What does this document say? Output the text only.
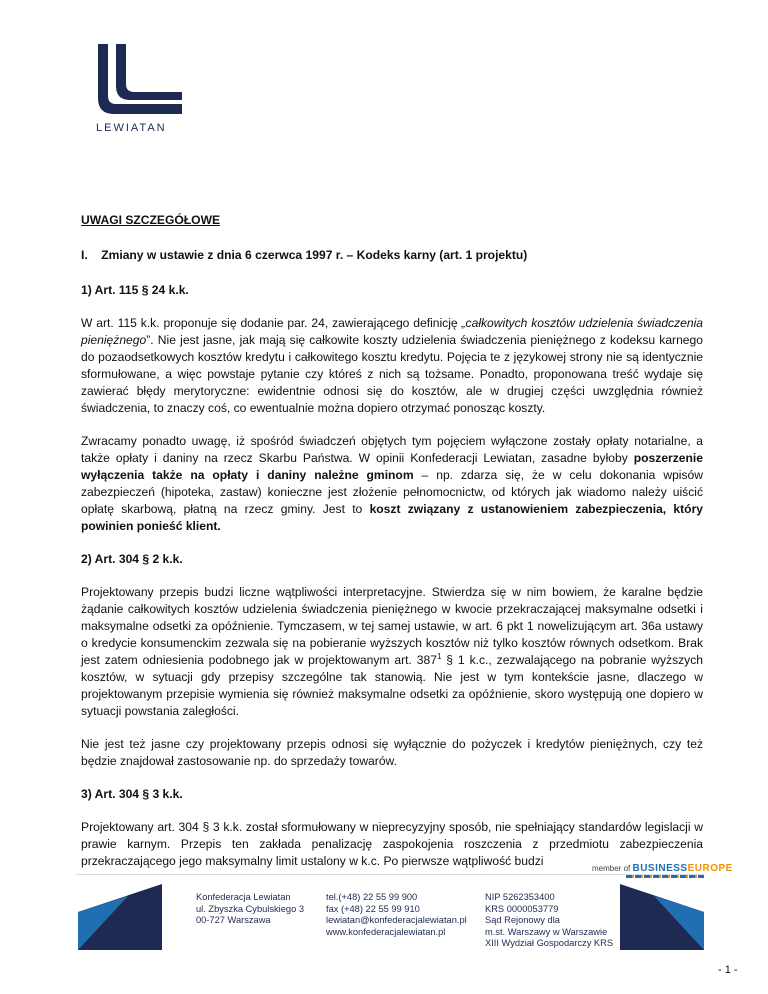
LEWIATAN

UWAGI SZCZEGÓŁOWE

I. Zmiany w ustawie z dnia 6 czerwca 1997 r. – Kodeks karny (art. 1 projektu)

1) Art. 115 § 24 k.k.

W art. 115 k.k. proponuje się dodanie par. 24, zawierającego definicję „całkowitych kosztów udzielenia świadczenia pieniężnego”. Nie jest jasne, jak mają się całkowite koszty udzielenia świadczenia pieniężnego z kodeksu karnego do pozaodsetkowych kosztów kredytu i całkowitego kosztu kredytu. Pojęcia te z językowej strony nie są identycznie sformułowane, a więc powstaje pytanie czy któreś z nich są tożsame. Ponadto, proponowana treść wydaje się zawierać błędy merytoryczne: ewidentnie odnosi się do kosztów, ale w drugiej części uwzględnia również świadczenia, to znaczy coś, co ewentualnie można dopiero otrzymać ponosząc koszty.

Zwracamy ponadto uwagę, iż spośród świadczeń objętych tym pojęciem wyłączone zostały opłaty notarialne, a także opłaty i daniny na rzecz Skarbu Państwa. W opinii Konfederacji Lewiatan, zasadne byłoby poszerzenie wyłączenia także na opłaty i daniny należne gminom – np. zdarza się, że w celu dokonania wpisów zabezpieczeń (hipoteka, zastaw) konieczne jest złożenie pełnomocnictw, od których jak wiadomo należy uiścić opłatę skarbową, płatną na rzecz gminy. Jest to koszt związany z ustanowieniem zabezpieczenia, który powinien ponieść klient.

2) Art. 304 § 2 k.k.

Projektowany przepis budzi liczne wątpliwości interpretacyjne. Stwierdza się w nim bowiem, że karalne będzie żądanie całkowitych kosztów udzielenia świadczenia pieniężnego w kwocie przekraczającej maksymalne odsetki i maksymalne odsetki za opóźnienie. Tymczasem, w tej samej ustawie, w art. 6 pkt 1 nowelizującym art. 36a ustawy o kredycie konsumenckim zezwala się na pobieranie wyższych kosztów niż tylko kosztów równych odsetkom. Brak jest zatem odniesienia podobnego jak w projektowanym art. $387^1$ § 1 k.c., zezwalającego na pobranie wyższych kosztów, w sytuacji gdy przepisy szczególne tak stanowią. Nie jest w tym kontekście jasne, dlaczego w projektowanym przepisie wymienia się również maksymalne odsetki za opóźnienie, skoro występują one dopiero w sytuacji powstania zaległości.

Nie jest też jasne czy projektowany przepis odnosi się wyłącznie do pożyczek i kredytów pieniężnych, czy też będzie znajdował zastosowanie np. do sprzedaży towarów.

3) Art. 304 § 3 k.k.

Projektowany art. 304 § 3 k.k. został sformułowany w nieprecyzyjny sposób, nie spełniający standardów legislacji w prawie karnym. Przepis ten zakłada penalizację zaspokojenia roszczenia z przedmiotu zabezpieczenia przekraczającego jego maksymalny limit ustalony w k.c. Po pierwsze wątpliwość budzi

member of BUSINESSEUROPE
Konfederacja Lewiatan
ul. Zbyszka Cybulskiego 3
00-727 Warszawa
tel.(+48) 22 55 99 900
fax (+48) 22 55 99 910
lewiatan@konfederacjalewiatan.pl
www.konfederacjalewiatan.pl
NIP 5262353400
KRS 0000053779
Sąd Rejonowy dla
m.st. Warszawy w Warszawie
XIII Wydział Gospodarczy KRS
- 1 -
